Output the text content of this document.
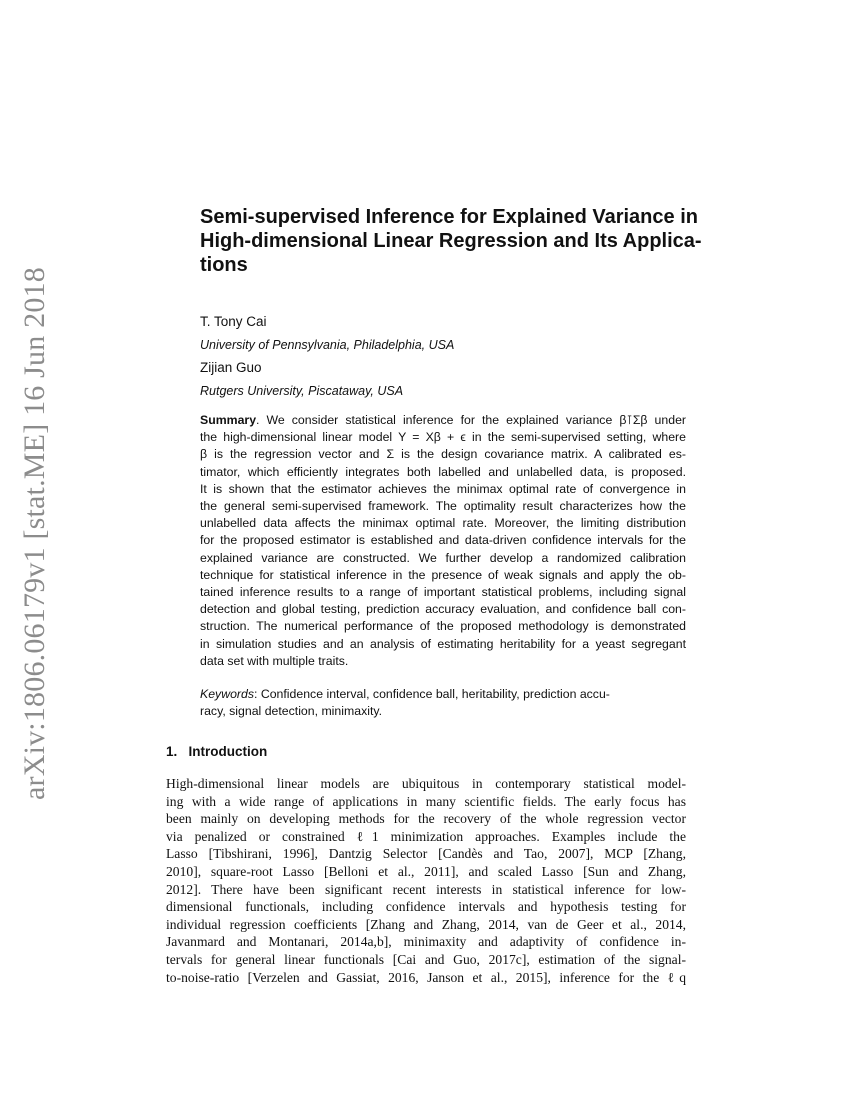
arXiv:1806.06179v1 [stat.ME] 16 Jun 2018
Semi-supervised Inference for Explained Variance in
High-dimensional Linear Regression and Its Applica-
tions
T. Tony Cai
University of Pennsylvania, Philadelphia, USA
Zijian Guo
Rutgers University, Piscataway, USA
Summary. We consider statistical inference for the explained variance β⊺Σβ under
the high-dimensional linear model Y = Xβ + ϵ in the semi-supervised setting, where
β is the regression vector and Σ is the design covariance matrix. A calibrated es-
timator, which efficiently integrates both labelled and unlabelled data, is proposed.
It is shown that the estimator achieves the minimax optimal rate of convergence in
the general semi-supervised framework. The optimality result characterizes how the
unlabelled data affects the minimax optimal rate. Moreover, the limiting distribution
for the proposed estimator is established and data-driven confidence intervals for the
explained variance are constructed. We further develop a randomized calibration
technique for statistical inference in the presence of weak signals and apply the ob-
tained inference results to a range of important statistical problems, including signal
detection and global testing, prediction accuracy evaluation, and confidence ball con-
struction. The numerical performance of the proposed methodology is demonstrated
in simulation studies and an analysis of estimating heritability for a yeast segregant
data set with multiple traits.
Keywords: Confidence interval, confidence ball, heritability, prediction accu-
racy, signal detection, minimaxity.
1. Introduction
High-dimensional linear models are ubiquitous in contemporary statistical model-
ing with a wide range of applications in many scientific fields. The early focus has
been mainly on developing methods for the recovery of the whole regression vector
via penalized or constrained ℓ1 minimization approaches. Examples include the
Lasso [Tibshirani, 1996], Dantzig Selector [Candès and Tao, 2007], MCP [Zhang,
2010], square-root Lasso [Belloni et al., 2011], and scaled Lasso [Sun and Zhang,
2012]. There have been significant recent interests in statistical inference for low-
dimensional functionals, including confidence intervals and hypothesis testing for
individual regression coefficients [Zhang and Zhang, 2014, van de Geer et al., 2014,
Javanmard and Montanari, 2014a,b], minimaxity and adaptivity of confidence in-
tervals for general linear functionals [Cai and Guo, 2017c], estimation of the signal-
to-noise-ratio [Verzelen and Gassiat, 2016, Janson et al., 2015], inference for the ℓq
